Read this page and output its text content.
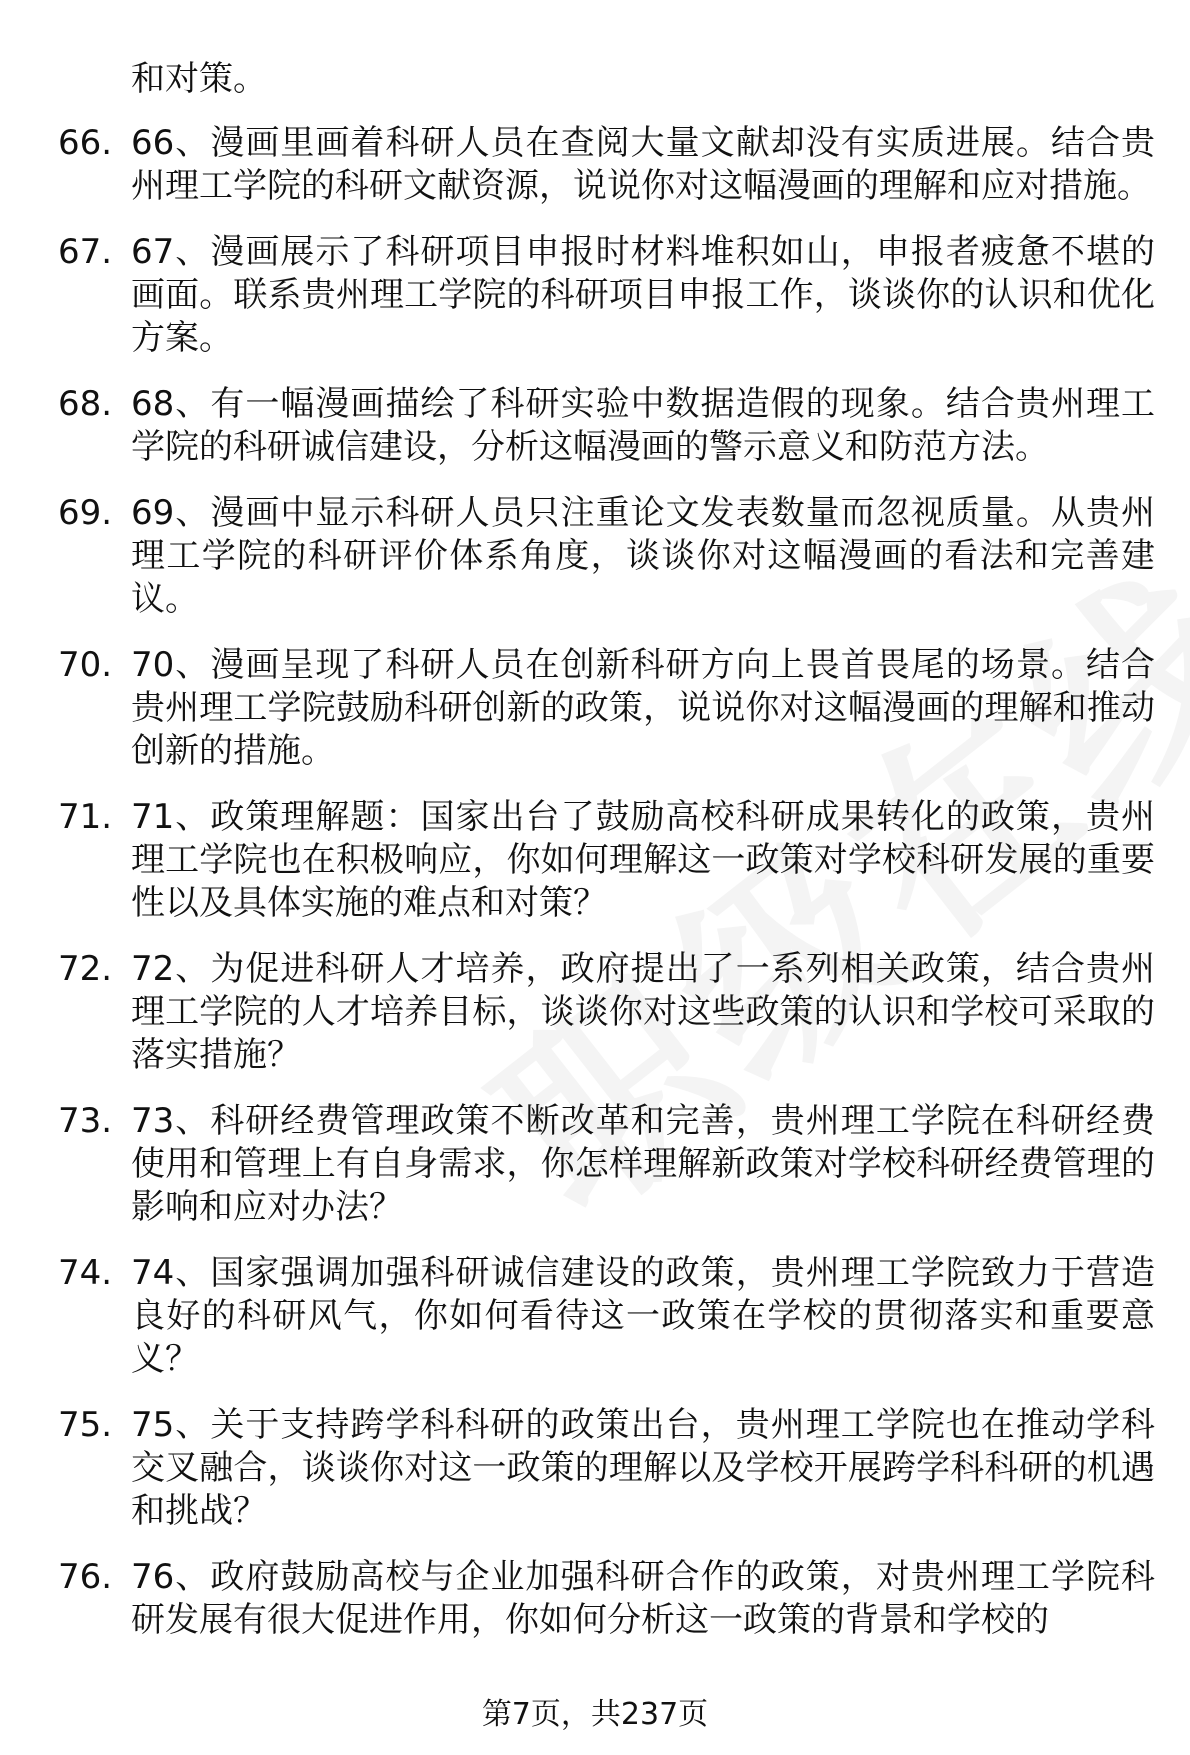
和对策。

66. 66、漫画里画着科研人员在查阅大量文献却没有实质进展。结合贵州理工学院的科研文献资源，说说你对这幅漫画的理解和应对措施。
67. 67、漫画展示了科研项目申报时材料堆积如山，申报者疲惫不堪的画面。联系贵州理工学院的科研项目申报工作，谈谈你的认识和优化方案。
68. 68、有一幅漫画描绘了科研实验中数据造假的现象。结合贵州理工学院的科研诚信建设，分析这幅漫画的警示意义和防范方法。
69. 69、漫画中显示科研人员只注重论文发表数量而忽视质量。从贵州理工学院的科研评价体系角度，谈谈你对这幅漫画的看法和完善建议。
70. 70、漫画呈现了科研人员在创新科研方向上畏首畏尾的场景。结合贵州理工学院鼓励科研创新的政策，说说你对这幅漫画的理解和推动创新的措施。
71. 71、政策理解题：国家出台了鼓励高校科研成果转化的政策，贵州理工学院也在积极响应，你如何理解这一政策对学校科研发展的重要性以及具体实施的难点和对策？
72. 72、为促进科研人才培养，政府提出了一系列相关政策，结合贵州理工学院的人才培养目标，谈谈你对这些政策的认识和学校可采取的落实措施？
73. 73、科研经费管理政策不断改革和完善，贵州理工学院在科研经费使用和管理上有自身需求，你怎样理解新政策对学校科研经费管理的影响和应对办法？
74. 74、国家强调加强科研诚信建设的政策，贵州理工学院致力于营造良好的科研风气，你如何看待这一政策在学校的贯彻落实和重要意义？
75. 75、关于支持跨学科科研的政策出台，贵州理工学院也在推动学科交叉融合，谈谈你对这一政策的理解以及学校开展跨学科科研的机遇和挑战？
76. 76、政府鼓励高校与企业加强科研合作的政策，对贵州理工学院科研发展有很大促进作用，你如何分析这一政策的背景和学校的
第7页，共237页
